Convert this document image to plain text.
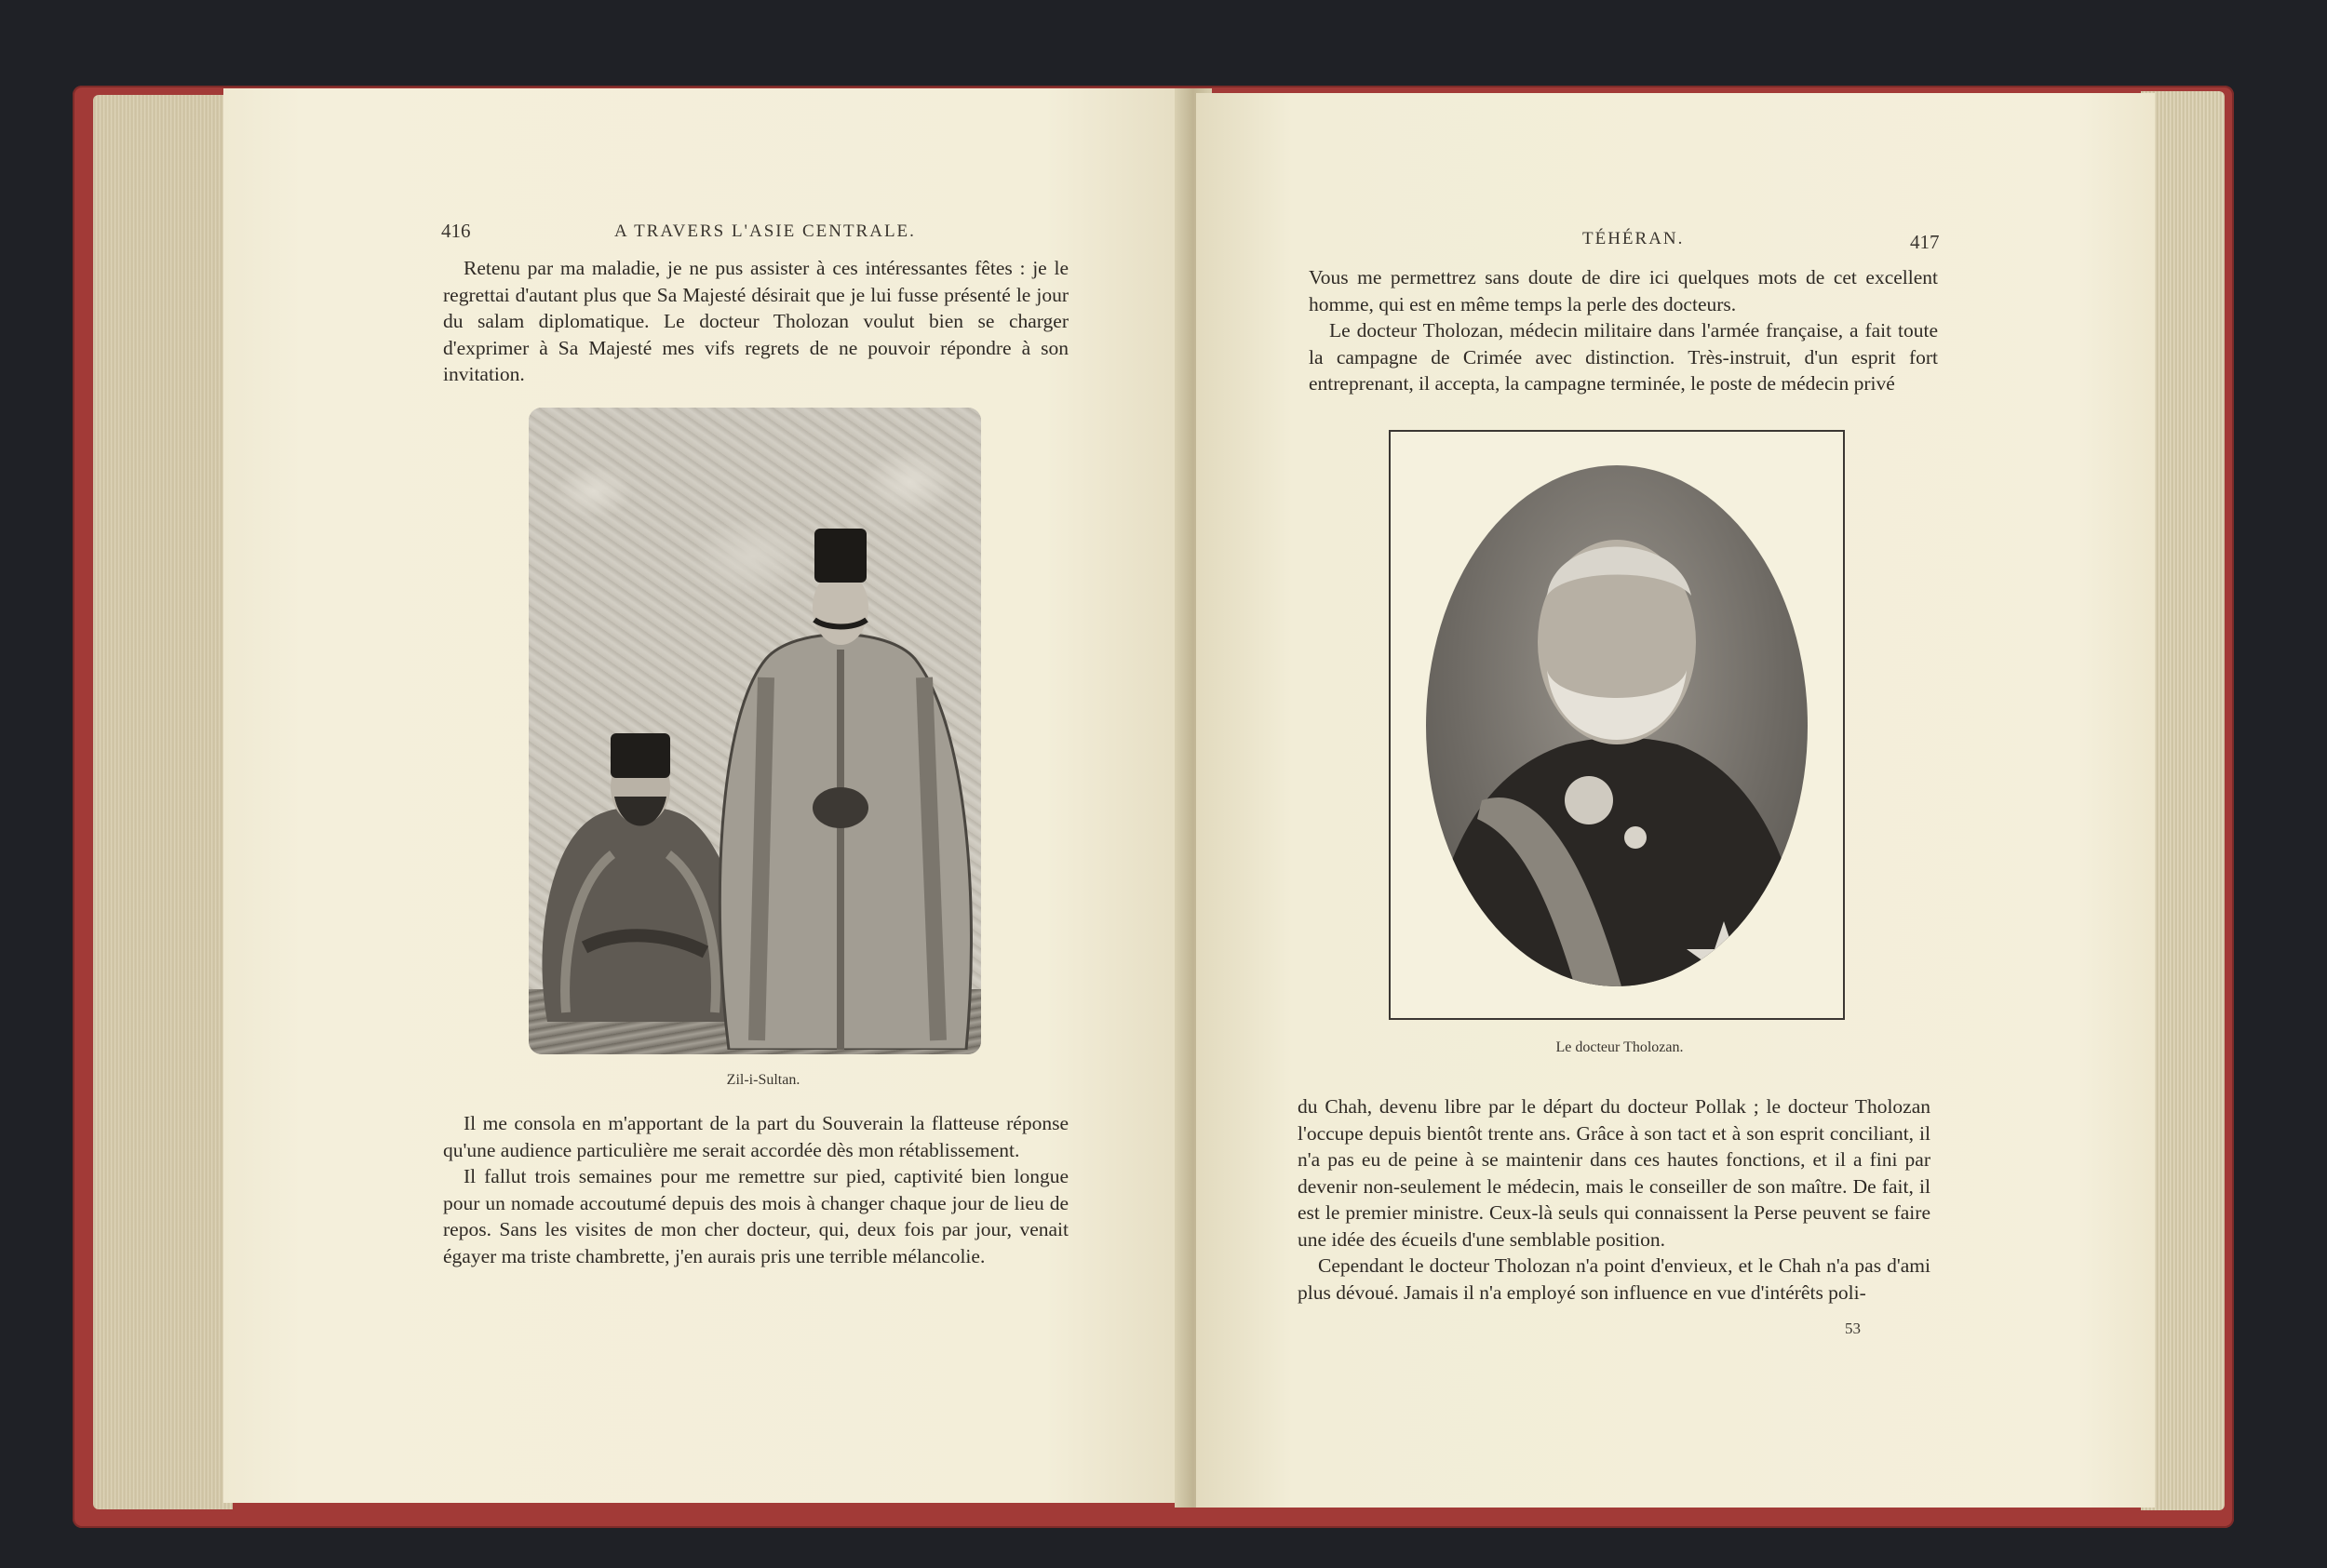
416	A TRAVERS L'ASIE CENTRALE.

Retenu par ma maladie, je ne pus assister à ces intéressantes fêtes : je le regrettai d'autant plus que Sa Majesté désirait que je lui fusse présenté le jour du salam diplomatique. Le docteur Tholozan voulut bien se charger d'exprimer à Sa Majesté mes vifs regrets de ne pouvoir répondre à son invitation.

Zil-i-Sultan.

Il me consola en m'apportant de la part du Souverain la flatteuse réponse qu'une audience particulière me serait accordée dès mon rétablissement.

Il fallut trois semaines pour me remettre sur pied, captivité bien longue pour un nomade accoutumé depuis des mois à changer chaque jour de lieu de repos. Sans les visites de mon cher docteur, qui, deux fois par jour, venait égayer ma triste chambrette, j'en aurais pris une terrible mélancolie.

TÉHÉRAN.	417

Vous me permettrez sans doute de dire ici quelques mots de cet excellent homme, qui est en même temps la perle des docteurs.

Le docteur Tholozan, médecin militaire dans l'armée française, a fait toute la campagne de Crimée avec distinction. Très-instruit, d'un esprit fort entreprenant, il accepta, la campagne terminée, le poste de médecin privé

Le docteur Tholozan.

du Chah, devenu libre par le départ du docteur Pollak ; le docteur Tholozan l'occupe depuis bientôt trente ans. Grâce à son tact et à son esprit conciliant, il n'a pas eu de peine à se maintenir dans ces hautes fonctions, et il a fini par devenir non-seulement le médecin, mais le conseiller de son maître. De fait, il est le premier ministre. Ceux-là seuls qui connaissent la Perse peuvent se faire une idée des écueils d'une semblable position.

Cependant le docteur Tholozan n'a point d'envieux, et le Chah n'a pas d'ami plus dévoué. Jamais il n'a employé son influence en vue d'intérêts poli-

53
